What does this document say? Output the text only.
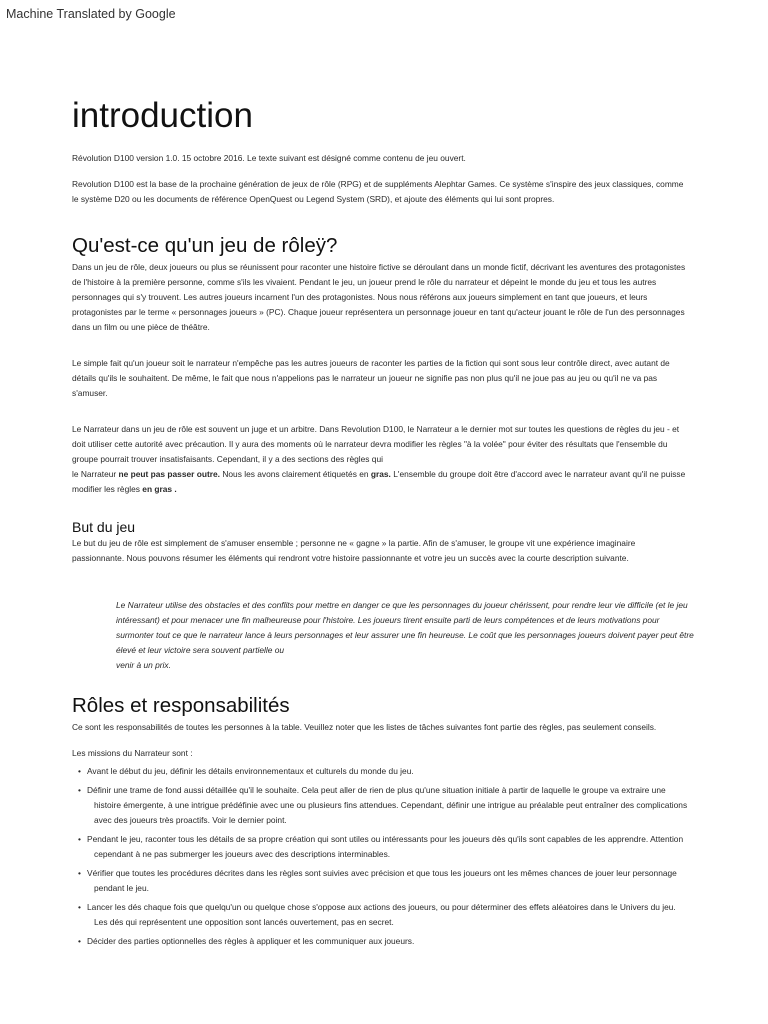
Machine Translated by Google
introduction

Révolution D100 version 1.0. 15 octobre 2016. Le texte suivant est désigné comme contenu de jeu ouvert.

Revolution D100 est la base de la prochaine génération de jeux de rôle (RPG) et de suppléments Alephtar Games. Ce système s'inspire des jeux classiques, comme le système D20 ou les documents de référence OpenQuest ou Legend System (SRD), et ajoute des éléments qui lui sont propres.

Qu'est-ce qu'un jeu de rôleÿ?

Dans un jeu de rôle, deux joueurs ou plus se réunissent pour raconter une histoire fictive se déroulant dans un monde fictif, décrivant les aventures des protagonistes de l'histoire à la première personne, comme s'ils les vivaient. Pendant le jeu, un joueur prend le rôle du narrateur et dépeint le monde du jeu et tous les autres personnages qui s'y trouvent. Les autres joueurs incarnent l'un des protagonistes. Nous nous référons aux joueurs simplement en tant que joueurs, et leurs protagonistes par le terme « personnages joueurs » (PC). Chaque joueur représentera un personnage joueur en tant qu'acteur jouant le rôle de l'un des personnages dans un film ou une pièce de théâtre.

Le simple fait qu'un joueur soit le narrateur n'empêche pas les autres joueurs de raconter les parties de la fiction qui sont sous leur contrôle direct, avec autant de détails qu'ils le souhaitent. De même, le fait que nous n'appelions pas le narrateur un joueur ne signifie pas non plus qu'il ne joue pas au jeu ou qu'il ne va pas s'amuser.

Le Narrateur dans un jeu de rôle est souvent un juge et un arbitre. Dans Revolution D100, le Narrateur a le dernier mot sur toutes les questions de règles du jeu - et doit utiliser cette autorité avec précaution. Il y aura des moments où le narrateur devra modifier les règles "à la volée" pour éviter des résultats que l'ensemble du groupe pourrait trouver insatisfaisants. Cependant, il y a des sections des règles qui
le Narrateur ne peut pas passer outre. Nous les avons clairement étiquetés en gras. L'ensemble du groupe doit être d'accord avec le narrateur avant qu'il ne puisse modifier les règles en gras .

But du jeu

Le but du jeu de rôle est simplement de s'amuser ensemble ; personne ne « gagne » la partie. Afin de s'amuser, le groupe vit une expérience imaginaire passionnante. Nous pouvons résumer les éléments qui rendront votre histoire passionnante et votre jeu un succès avec la courte description suivante.

Le Narrateur utilise des obstacles et des conflits pour mettre en danger ce que les personnages du joueur chérissent, pour rendre leur vie difficile (et le jeu intéressant) et pour menacer une fin malheureuse pour l'histoire. Les joueurs tirent ensuite parti de leurs compétences et de leurs motivations pour surmonter tout ce que le narrateur lance à leurs personnages et leur assurer une fin heureuse. Le coût que les personnages joueurs doivent payer peut être élevé et leur victoire sera souvent partielle ou
venir à un prix.

Rôles et responsabilités

Ce sont les responsabilités de toutes les personnes à la table. Veuillez noter que les listes de tâches suivantes font partie des règles, pas seulement conseils.

Les missions du Narrateur sont :

• Avant le début du jeu, définir les détails environnementaux et culturels du monde du jeu.
• Définir une trame de fond aussi détaillée qu'il le souhaite. Cela peut aller de rien de plus qu'une situation initiale à partir de laquelle le groupe va extraire une histoire émergente, à une intrigue prédéfinie avec une ou plusieurs fins attendues. Cependant, définir une intrigue au préalable peut entraîner des complications avec des joueurs très proactifs. Voir le dernier point.
• Pendant le jeu, raconter tous les détails de sa propre création qui sont utiles ou intéressants pour les joueurs dès qu'ils sont capables de les apprendre. Attention cependant à ne pas submerger les joueurs avec des descriptions interminables.
• Vérifier que toutes les procédures décrites dans les règles sont suivies avec précision et que tous les joueurs ont les mêmes chances de jouer leur personnage pendant le jeu.
• Lancer les dés chaque fois que quelqu'un ou quelque chose s'oppose aux actions des joueurs, ou pour déterminer des effets aléatoires dans le Univers du jeu. Les dés qui représentent une opposition sont lancés ouvertement, pas en secret.
• Décider des parties optionnelles des règles à appliquer et les communiquer aux joueurs.
